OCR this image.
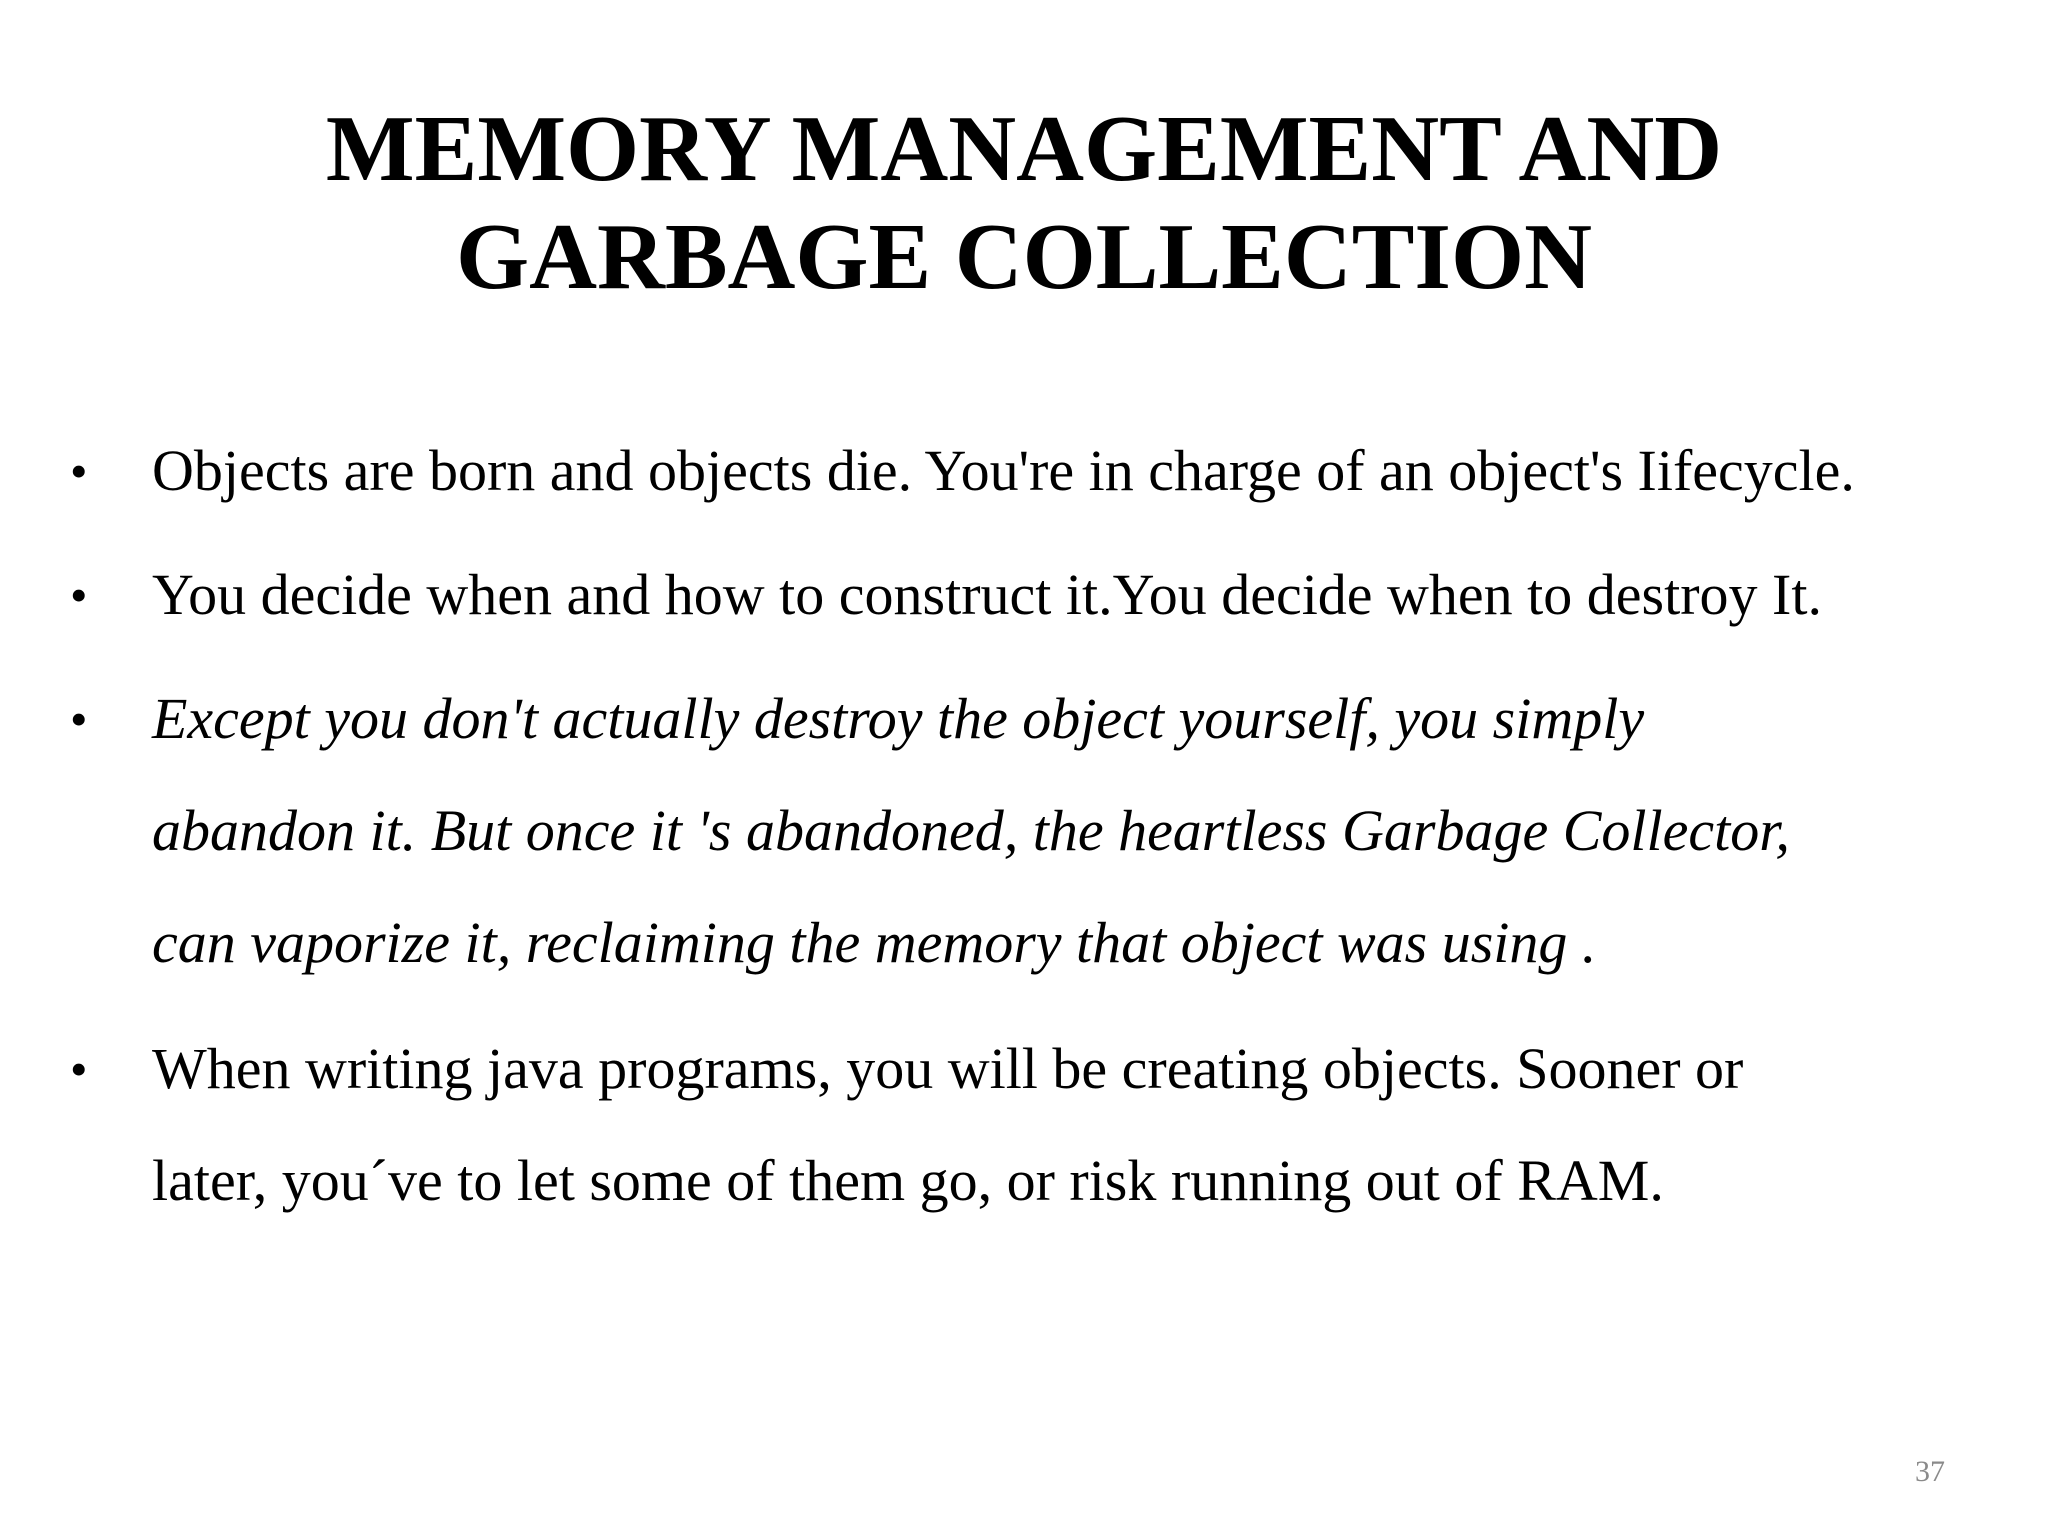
MEMORY MANAGEMENT AND
GARBAGE COLLECTION
• Objects are born and objects die. You're in charge of an object's Iifecycle.
• You decide when and how to construct it.You decide when to destroy It.
• Except you don't actually destroy the object yourself, you simply
abandon it. But once it 's abandoned, the heartless Garbage Collector,
can vaporize it, reclaiming the memory that object was using .
• When writing java programs, you will be creating objects. Sooner or
later, you´ve to let some of them go, or risk running out of RAM.
37
